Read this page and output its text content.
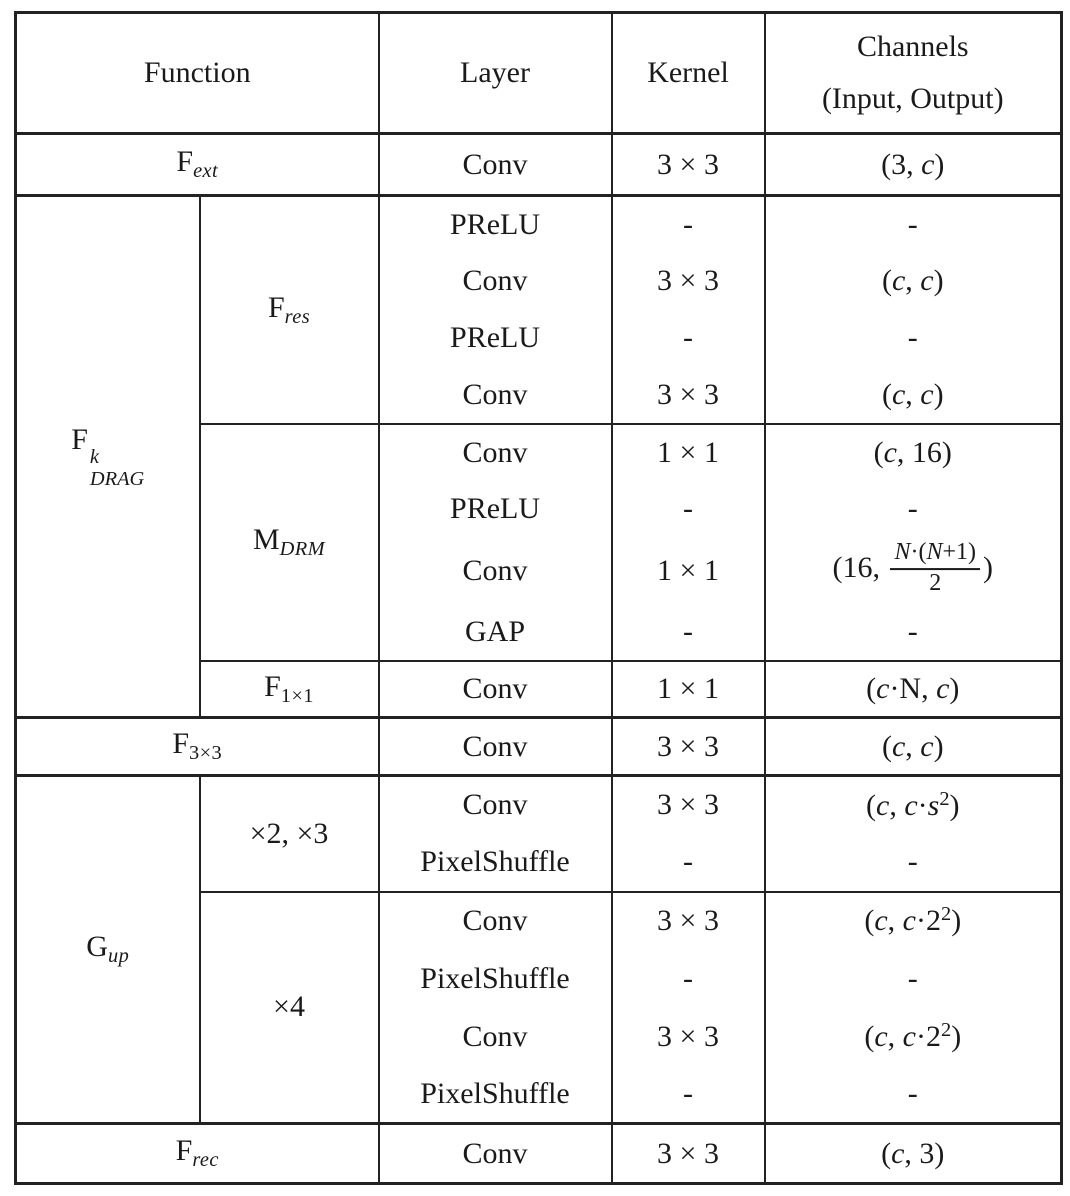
Function		Layer	Kernel	Channels
(Input, Output)

$F_{ext}$		Conv	3 × 3	(3, c)
F
k
DRAG	$F_{res}$	PReLU	-	-
		Conv	3 × 3	(c, c)
		PReLU	-	-
		Conv	3 × 3	(c, c)
	$M_{DRM}$	Conv	1 × 1	(c, 16)
		PReLU	-	-
		Conv	1 × 1	(16, $\frac{N\cdot(N+1)}{2}$ )
		GAP	-	-
	$F_{1\times 1}$	Conv	1 × 1	(c·N, c)
$F_{3\times 3}$		Conv	3 × 3	(c, c)
$G_{up}$	×2, ×3	Conv	3 × 3	(c, $c\cdot s^2$)
		PixelShuffle	-	-
	×4	Conv	3 × 3	(c, $c\cdot 2^2$)
		PixelShuffle	-	-
		Conv	3 × 3	(c, $c\cdot 2^2$)
		PixelShuffle	-	-
$F_{rec}$		Conv	3 × 3	(c, 3)
